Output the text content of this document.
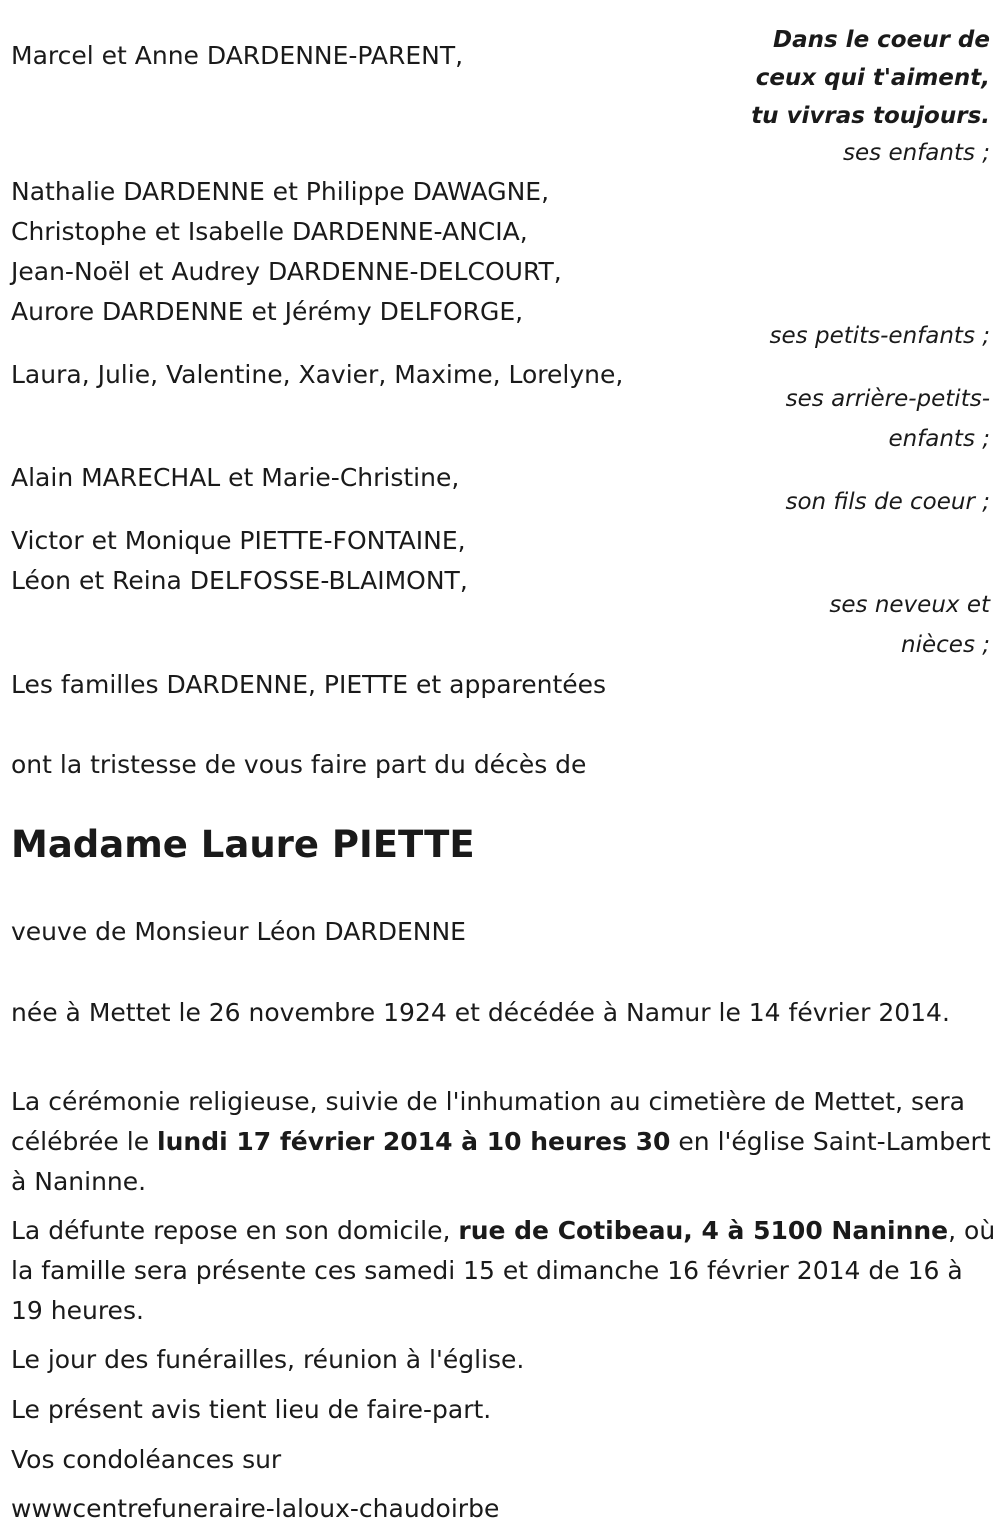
Dans le coeur de
ceux qui t'aiment,
tu vivras toujours.
Marcel et Anne DARDENNE-PARENT,
ses enfants ;
Nathalie DARDENNE et Philippe DAWAGNE,
Christophe et Isabelle DARDENNE-ANCIA,
Jean-Noël et Audrey DARDENNE-DELCOURT,
Aurore DARDENNE et Jérémy DELFORGE,
ses petits-enfants ;
Laura, Julie, Valentine, Xavier, Maxime, Lorelyne,
ses arrière-petits-
enfants ;
Alain MARECHAL et Marie-Christine,
son fils de coeur ;
Victor et Monique PIETTE-FONTAINE,
Léon et Reina DELFOSSE-BLAIMONT,
ses neveux et
nièces ;
Les familles DARDENNE, PIETTE et apparentées
ont la tristesse de vous faire part du décès de
Madame Laure PIETTE
veuve de Monsieur Léon DARDENNE
née à Mettet le 26 novembre 1924 et décédée à Namur le 14 février 2014.
La cérémonie religieuse, suivie de l'inhumation au cimetière de Mettet, sera célébrée le lundi 17 février 2014 à 10 heures 30 en l'église Saint-Lambert à Naninne.
La défunte repose en son domicile, rue de Cotibeau, 4 à 5100 Naninne, où la famille sera présente ces samedi 15 et dimanche 16 février 2014 de 16 à 19 heures.
Le jour des funérailles, réunion à l'église.
Le présent avis tient lieu de faire-part.
Vos condoléances sur
wwwcentrefuneraire-laloux-chaudoirbe
